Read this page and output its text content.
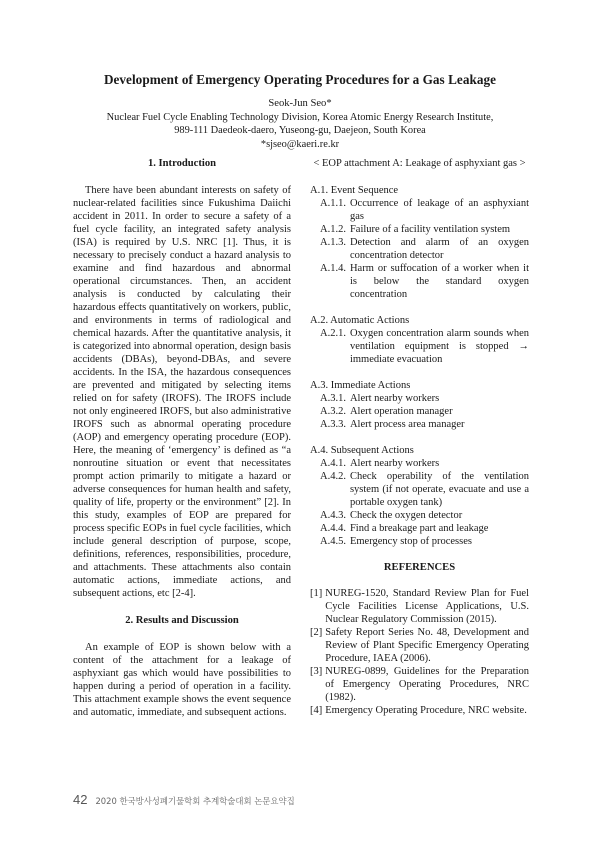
Development of Emergency Operating Procedures for a Gas Leakage
Seok-Jun Seo*
Nuclear Fuel Cycle Enabling Technology Division, Korea Atomic Energy Research Institute,
989-111 Daedeok-daero, Yuseong-gu, Daejeon, South Korea
*sjseo@kaeri.re.kr
1. Introduction

There have been abundant interests on safety of nuclear-related facilities since Fukushima Daiichi accident in 2011. In order to secure a safety of a fuel cycle facility, an integrated safety analysis (ISA) is required by U.S. NRC [1]. Thus, it is necessary to precisely conduct a hazard analysis to examine and find hazardous and abnormal operational circumstances. Then, an accident analysis is conducted by calculating their hazardous effects quantitatively on workers, public, and environments in terms of radiological and chemical hazards. After the quantitative analysis, it is categorized into abnormal operation, design basis accidents (DBAs), beyond-DBAs, and severe accidents. In the ISA, the hazardous consequences are prevented and mitigated by selecting items relied on for safety (IROFS). The IROFS include not only engineered IROFS, but also administrative IROFS such as abnormal operating procedure (AOP) and emergency operating procedure (EOP). Here, the meaning of ‘emergency’ is defined as “a nonroutine situation or event that necessitates prompt action primarily to mitigate a hazard or adverse consequences for human health and safety, quality of life, property or the environment” [2]. In this study, examples of EOP are prepared for process specific EOPs in fuel cycle facilities, which include general description of purpose, scope, definitions, references, responsibilities, procedure, and attachments. These attachments also contain automatic actions, immediate actions, and subsequent actions, etc [2-4].

2. Results and Discussion

An example of EOP is shown below with a content of the attachment for a leakage of asphyxiant gas which would have possibilities to happen during a period of operation in a facility. This attachment example shows the event sequence and automatic, immediate, and subsequent actions.

< EOP attachment A: Leakage of asphyxiant gas >
A.1. Event Sequence
A.1.1. Occurrence of leakage of an asphyxiant gas
A.1.2. Failure of a facility ventilation system
A.1.3. Detection and alarm of an oxygen concentration detector
A.1.4. Harm or suffocation of a worker when it is below the standard oxygen concentration
A.2. Automatic Actions
A.2.1. Oxygen concentration alarm sounds when ventilation equipment is stopped → immediate evacuation
A.3. Immediate Actions
A.3.1. Alert nearby workers
A.3.2. Alert operation manager
A.3.3. Alert process area manager
A.4. Subsequent Actions
A.4.1. Alert nearby workers
A.4.2. Check operability of the ventilation system (if not operate, evacuate and use a portable oxygen tank)
A.4.3. Check the oxygen detector
A.4.4. Find a breakage part and leakage
A.4.5. Emergency stop of processes
REFERENCES
[1] NUREG-1520, Standard Review Plan for Fuel Cycle Facilities License Applications, U.S. Nuclear Regulatory Commission (2015).
[2] Safety Report Series No. 48, Development and Review of Plant Specific Emergency Operating Procedure, IAEA (2006).
[3] NUREG-0899, Guidelines for the Preparation of Emergency Operating Procedures, NRC (1982).
[4] Emergency Operating Procedure, NRC website.
42 2020 한국방사성폐기물학회 추계학술대회 논문요약집
